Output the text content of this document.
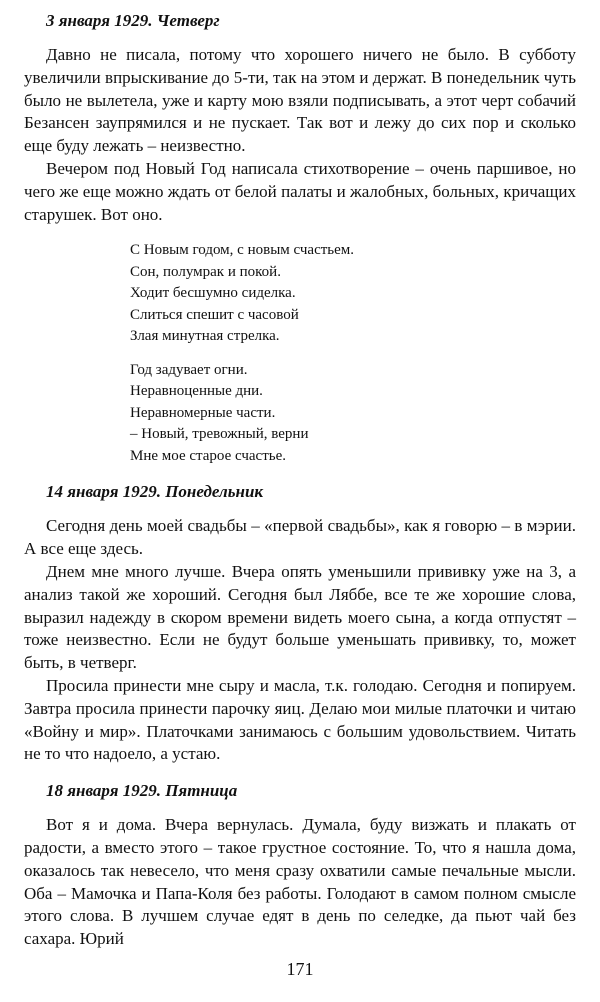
3 января 1929. Четверг

Давно не писала, потому что хорошего ничего не было. В субботу увеличили впрыскивание до 5-ти, так на этом и держат. В понедельник чуть было не вылетела, уже и карту мою взяли подписывать, а этот черт собачий Безансен заупрямился и не пускает. Так вот и лежу до сих пор и сколько еще буду лежать – неизвестно.

Вечером под Новый Год написала стихотворение – очень паршивое, но чего же еще можно ждать от белой палаты и жалобных, больных, кричащих старушек. Вот оно.

С Новым годом, с новым счастьем.
Сон, полумрак и покой.
Ходит бесшумно сиделка.
Слиться спешит с часовой
Злая минутная стрелка.
Год задувает огни.
Неравноценные дни.
Неравномерные части.
– Новый, тревожный, верни
Мне мое старое счастье.
14 января 1929. Понедельник

Сегодня день моей свадьбы – «первой свадьбы», как я говорю – в мэрии. А все еще здесь.

Днем мне много лучше. Вчера опять уменьшили прививку уже на 3, а анализ такой же хороший. Сегодня был Ляббе, все те же хорошие слова, выразил надежду в скором времени видеть моего сына, а когда отпустят – тоже неизвестно. Если не будут больше уменьшать прививку, то, может быть, в четверг.

Просила принести мне сыру и масла, т.к. голодаю. Сегодня и попируем. Завтра просила принести парочку яиц. Делаю мои милые платочки и читаю «Войну и мир». Платочками занимаюсь с большим удовольствием. Читать не то что надоело, а устаю.

18 января 1929. Пятница

Вот я и дома. Вчера вернулась. Думала, буду визжать и плакать от радости, а вместо этого – такое грустное состояние. То, что я нашла дома, оказалось так невесело, что меня сразу охватили самые печальные мысли. Оба – Мамочка и Папа-Коля без работы. Голодают в самом полном смысле этого слова. В лучшем случае едят в день по селедке, да пьют чай без сахара. Юрий

171
